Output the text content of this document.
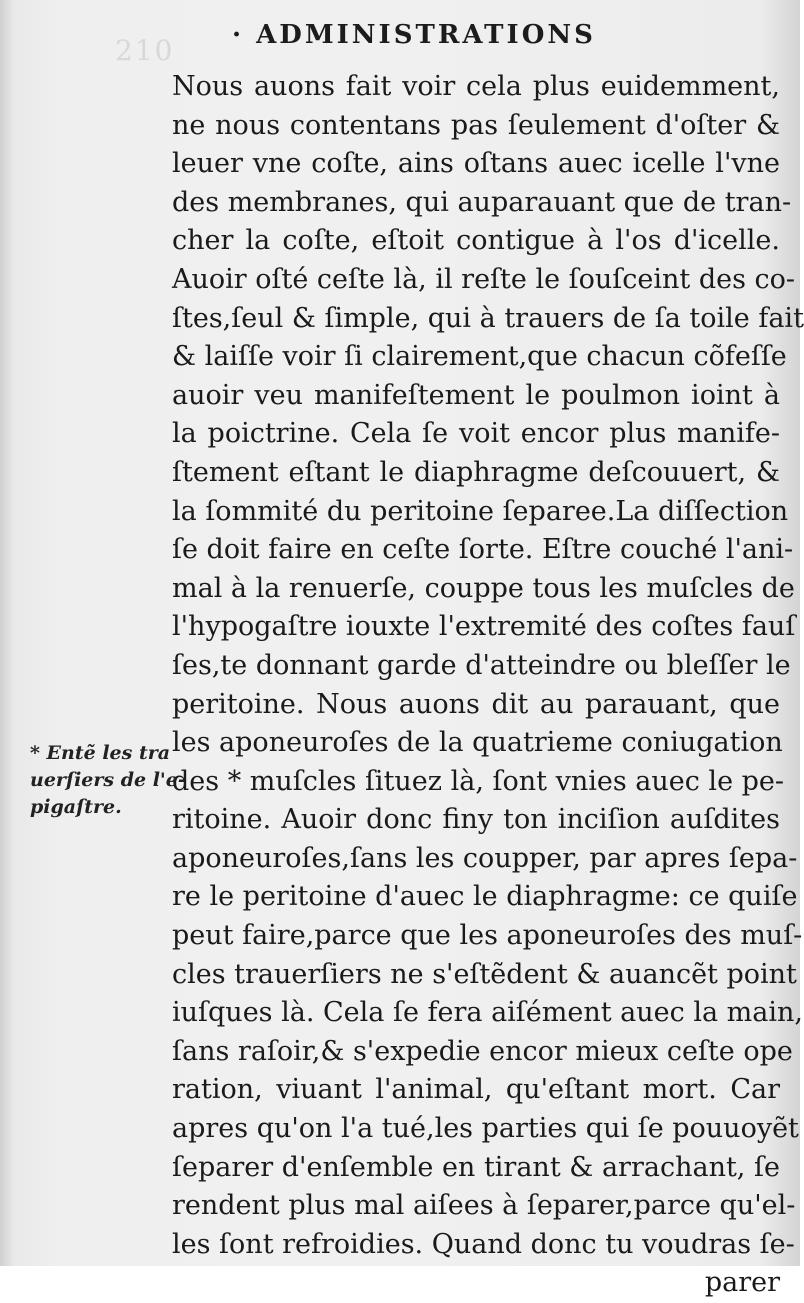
210 · ADMINISTRATIONS
Nous auons fait voir cela plus euidemment,
ne nous contentans pas ſeulement d'oſter &
leuer vne coſte, ains oſtans auec icelle l'vne
des membranes, qui auparauant que de tran-
cher la coſte, eſtoit contigue à l'os d'icelle.
Auoir oſté ceſte là, il reſte le ſouſceint des co-
ſtes,ſeul & ſimple, qui à trauers de ſa toile fait
& laiſſe voir ſi clairement,que chacun cõfeſſe
auoir veu manifeſtement le poulmon ioint à
la poictrine. Cela ſe voit encor plus manife-
ſtement eſtant le diaphragme deſcouuert, &
la ſommité du peritoine ſeparee.La diſſection
ſe doit faire en ceſte ſorte. Eſtre couché l'ani-
mal à la renuerſe, couppe tous les muſcles de
l'hypogaſtre iouxte l'extremité des coſtes fauſ
ſes,te donnant garde d'atteindre ou bleſſer le
peritoine. Nous auons dit au parauant, que
les aponeuroſes de la quatrieme coniugation
des * muſcles ſituez là, ſont vnies auec le pe-
ritoine. Auoir donc finy ton inciſion auſdites
aponeuroſes,ſans les coupper, par apres ſepa-
re le peritoine d'auec le diaphragme: ce quiſe
peut faire,parce que les aponeuroſes des muſ-
cles trauerſiers ne s'eſtẽdent & auancẽt point
iuſques là. Cela ſe fera aiſément auec la main,
ſans raſoir,& s'expedie encor mieux ceſte ope
ration, viuant l'animal, qu'eſtant mort. Car
apres qu'on l'a tué,les parties qui ſe pouuoyẽt
ſeparer d'enſemble en tirant & arrachant, ſe
rendent plus mal aiſees à ſeparer,parce qu'el-
les ſont refroidies. Quand donc tu voudras ſe-
parer
* Entẽ les tra
uerſiers de l'e-
pigaſtre.
